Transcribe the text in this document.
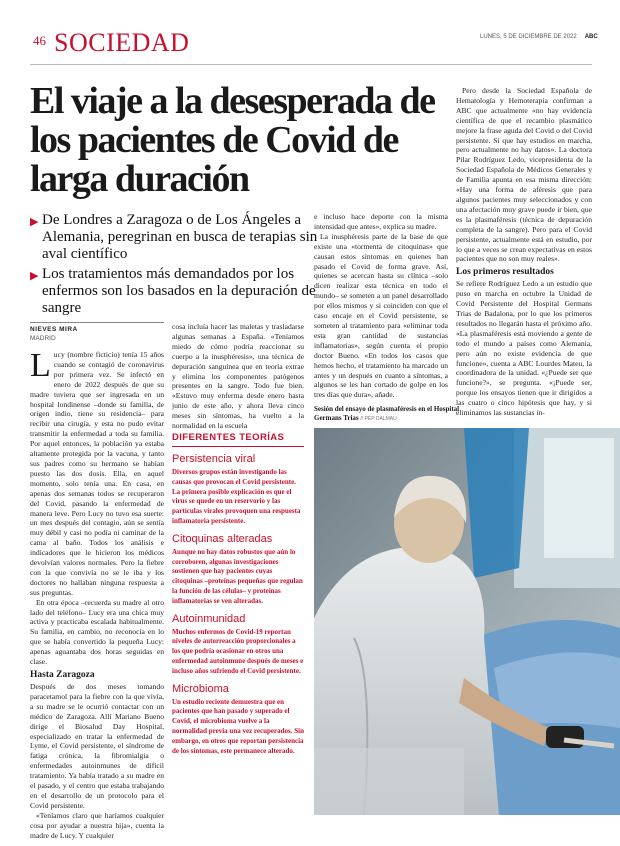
46 SOCIEDAD	LUNES, 5 DE DICIEMBRE DE 2022 ABC
El viaje a la desesperada de los pacientes de Covid de larga duración
▶ De Londres a Zaragoza o de Los Ángeles a Alemania, peregrinan en busca de terapias sin aval científico
▶ Los tratamientos más demandados por los enfermos son los basados en la depuración de sangre
NIEVES MIRA
MADRID

Lucy (nombre ficticio) tenía 15 años cuando se contagió de coronavirus por primera vez. Se infectó en enero de 2022 después de que su madre tuviera que ser ingresada en un hospital londinense –donde su familia, de origen indio, tiene su residencia– para recibir una cirugía, y esta no pudo evitar transmitir la enfermedad a toda su familia. Por aquel entonces, la población ya estaba altamente protegida por la vacuna, y tanto sus padres como su hermano se habían puesto las dos dosis. Ella, en aquel momento, solo tenía una. En casa, en apenas dos semanas todos se recuperaron del Covid, pasando la enfermedad de manera leve. Pero Lucy no tuvo esa suerte: un mes después del contagio, aún se sentía muy débil y casi no podía ni caminar de la cama al baño. Todos los análisis e indicadores que le hicieron los médicos devolvían valores normales. Pero la fiebre con la que convivía no se le iba y los doctores no hallaban ninguna respuesta a sus preguntas.

En otra época –recuerda su madre al otro lado del teléfono– Lucy era una chica muy activa y practicaba escalada habitualmente. Su familia, en cambio, no reconocía en lo que se había convertido la pequeña Lucy: apenas aguantaba dos horas seguidas en clase.

Hasta Zaragoza

Después de dos meses tomando paracetamol para la fiebre con la que vivía, a su madre se le ocurrió contactar con un médico de Zaragoza. Allí Mariano Bueno dirige el Biosalud Day Hospital, especializado en tratar la enfermedad de Lyme, el Covid persistente, el síndrome de fatiga crónica, la fibromialgia o enfermedades autoinmunes de difícil tratamiento. Ya había tratado a su madre en el pasado, y el centro que estaba trabajando en el desarrollo de un protocolo para el Covid persistente.

«Teníamos claro que haríamos cualquier cosa por ayudar a nuestra hija», cuenta la madre de Lucy. Y cualquier

cosa incluía hacer las maletas y trasladarse algunas semanas a España. «Teníamos miedo de cómo podría reaccionar su cuerpo a la inusphéresis», una técnica de depuración sanguínea que en teoría extrae y elimina los componentes patógenos presentes en la sangre. Todo fue bien. «Estuvo muy enferma desde enero hasta junio de este año, y ahora lleva cinco meses sin síntomas, ha vuelto a la normalidad en la escuela

DIFERENTES TEORÍAS
Persistencia viral

Diversos grupos están investigando las causas que provocan el Covid persistente. La primera posible explicación es que el virus se quede en un reservorio y las partículas virales provoquen una respuesta inflamatoria persistente.

Citoquinas alteradas

Aunque no hay datos robustos que aún lo corroboren, algunas investigaciones sostienen que hay pacientes cuyas citoquinas –proteínas pequeñas que regulan la función de las células– y proteínas inflamatorias se ven alteradas.

Autoinmunidad

Muchos enfermos de Covid-19 reportan niveles de autorreacción proporcionales a los que podría ocasionar en otros una enfermedad autoinmune después de meses e incluso años sufriendo el Covid persistente.

Microbioma

Un estudio reciente demuestra que en pacientes que han pasado y superado el Covid, el microbioma vuelve a la normalidad previa una vez recuperados. Sin embargo, en otros que reportan persistencia de los síntomas, este permanece alterado.

e incluso hace deporte con la misma intensidad que antes», explica su madre.

La inusphéresis parte de la base de que existe una «tormenta de citoquinas» que causan estos síntomas en quienes han pasado el Covid de forma grave. Así, quienes se acercan hasta su clínica –solo dicen realizar esta técnica en todo el mundo– se someten a un panel desarrollado por ellos mismos y si coinciden con que el caso encaje en el Covid persistente, se someten al tratamiento para «eliminar toda esta gran cantidad de sustancias inflamatorias», según cuenta el propio doctor Bueno. «En todos los casos que hemos hecho, el tratamiento ha marcado un antes y un después en cuanto a síntomas, a algunos se les han cortado de golpe en los tres días que dura», añade.

Sesión del ensayo de plasmaféresis en el Hospital Germans Trias // PEP DALMAU

Pero desde la Sociedad Española de Hematología y Hemoterapia confirman a ABC que actualmente «no hay evidencia científica de que el recambio plasmático mejore la frase aguda del Covid o del Covid persistente. Sí que hay estudios en marcha, pero actualmente no hay datos». La doctora Pilar Rodríguez Ledo, vicepresidenta de la Sociedad Española de Médicos Generales y de Familia apunta en esa misma dirección: «Hay una forma de aféresis que para algunos pacientes muy seleccionados y con una afectación muy grave puede ir bien, que es la plasmaféresis (técnica de depuración completa de la sangre). Pero para el Covid persistente, actualmente está en estudio, por lo que a veces se crean expectativas en estos pacientes que no son muy reales».

Los primeros resultados

Se refiere Rodríguez Ledo a un estudio que puso en marcha en octubre la Unidad de Covid Persistente del Hospital Germans Trias de Badalona, por lo que los primeros resultados no llegarán hasta el próximo año. «La plasmaféresis está moviendo a gente de todo el mundo a países como Alemania, pero aún no existe evidencia de que funcione», cuenta a ABC Lourdes Mateu, la coordinadora de la unidad. «¿Puede ser que funcione?», se pregunta. «¡Puede ser, porque los ensayos tienen que ir dirigidos a las cuatro o cinco hipótesis que hay, y si eliminamos las sustancias in-
